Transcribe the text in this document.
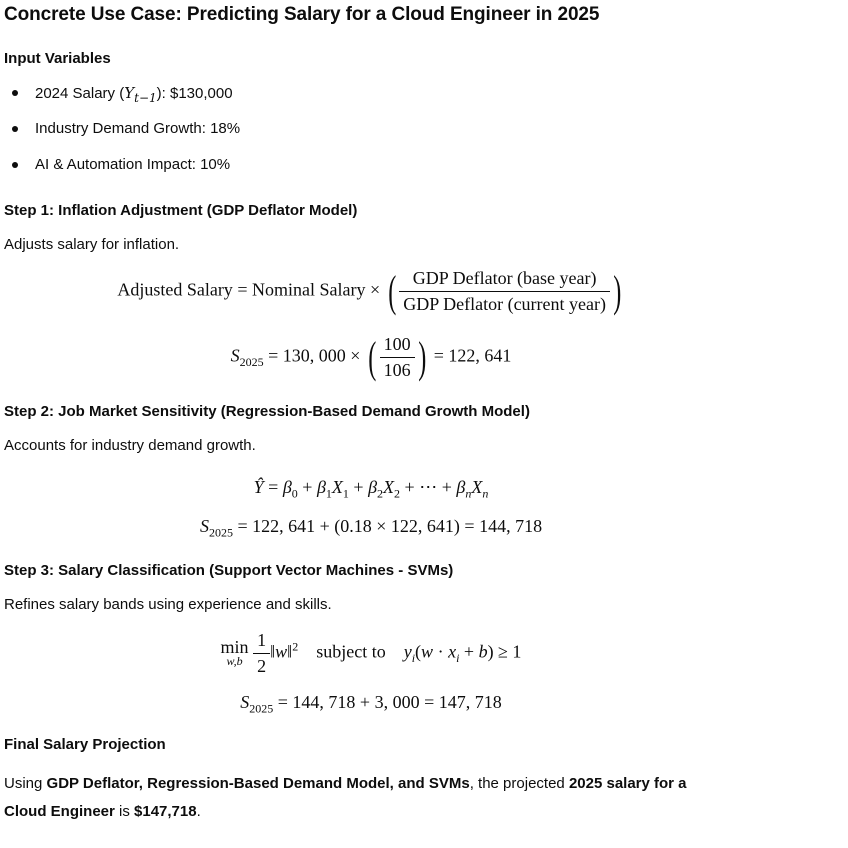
Concrete Use Case: Predicting Salary for a Cloud Engineer in 2025
Input Variables
2024 Salary $(Y_{t-1})$: $130,000
Industry Demand Growth: 18%
AI & Automation Impact: 10%
Step 1: Inflation Adjustment (GDP Deflator Model)
Adjusts salary for inflation.
Adjusted Salary = Nominal Salary × ( $\frac{\text{GDP Deflator (base year)}}{\text{GDP Deflator (current year)}}$ )
$S_{2025} = 130$, 000 × ( $\frac{100}{106}$ ) = 122, 641
Step 2: Job Market Sensitivity (Regression-Based Demand Growth Model)
Accounts for industry demand growth.
Ŷ = $\beta_0 + \beta_1X_1 + \beta_2X_2$ + ⋯ + $\beta_nX_n$
$S_{2025} = 122$, 641 + (0.18 × 122, 641) = 144, 718
Step 3: Salary Classification (Support Vector Machines - SVMs)
Refines salary bands using experience and skills.
min
w,b
$\frac{1}{2}$ ‖w‖$^2$ subject to $y_i(w \cdot x_i + b) \ge 1$
$S_{2025} = 144$, 718 + 3, 000 = 147, 718
Final Salary Projection
Using GDP Deflator, Regression-Based Demand Model, and SVMs, the projected 2025 salary for a
Cloud Engineer is $147,718.
